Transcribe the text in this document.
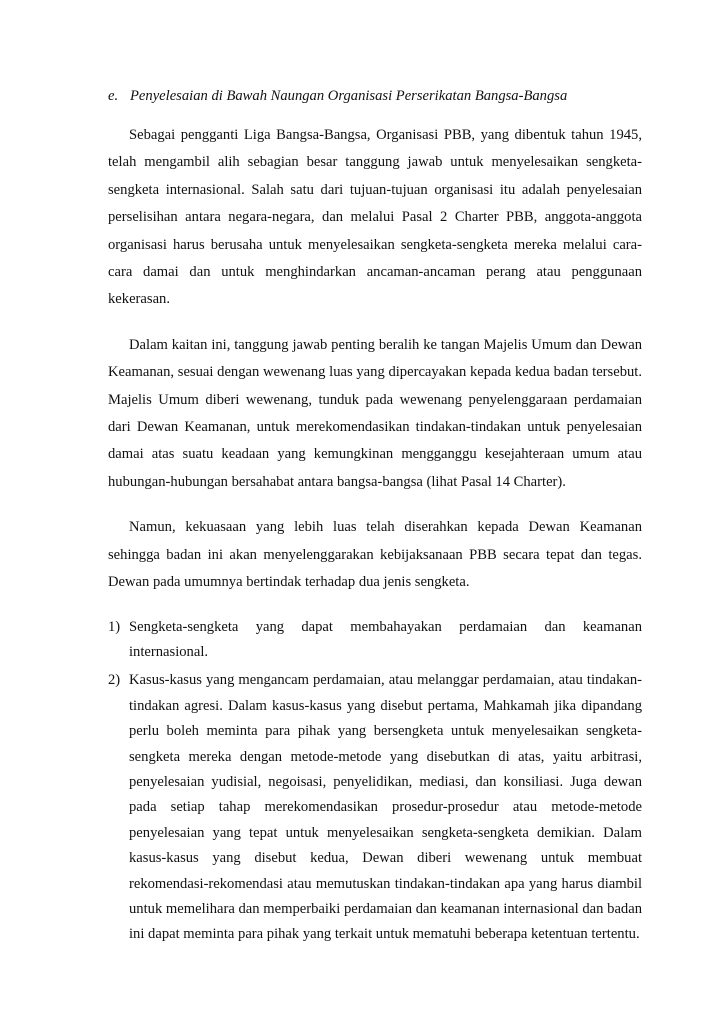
e. Penyelesaian di Bawah Naungan Organisasi Perserikatan Bangsa-Bangsa

Sebagai pengganti Liga Bangsa-Bangsa, Organisasi PBB, yang dibentuk tahun 1945, telah mengambil alih sebagian besar tanggung jawab untuk menyelesaikan sengketa-sengketa internasional. Salah satu dari tujuan-tujuan organisasi itu adalah penyelesaian perselisihan antara negara-negara, dan melalui Pasal 2 Charter PBB, anggota-anggota organisasi harus berusaha untuk menyelesaikan sengketa-sengketa mereka melalui cara-cara damai dan untuk menghindarkan ancaman-ancaman perang atau penggunaan kekerasan.

Dalam kaitan ini, tanggung jawab penting beralih ke tangan Majelis Umum dan Dewan Keamanan, sesuai dengan wewenang luas yang dipercayakan kepada kedua badan tersebut. Majelis Umum diberi wewenang, tunduk pada wewenang penyelenggaraan perdamaian dari Dewan Keamanan, untuk merekomendasikan tindakan-tindakan untuk penyelesaian damai atas suatu keadaan yang kemungkinan mengganggu kesejahteraan umum atau hubungan-hubungan bersahabat antara bangsa-bangsa (lihat Pasal 14 Charter).

Namun, kekuasaan yang lebih luas telah diserahkan kepada Dewan Keamanan sehingga badan ini akan menyelenggarakan kebijaksanaan PBB secara tepat dan tegas. Dewan pada umumnya bertindak terhadap dua jenis sengketa.

1) Sengketa-sengketa yang dapat membahayakan perdamaian dan keamanan internasional.
2) Kasus-kasus yang mengancam perdamaian, atau melanggar perdamaian, atau tindakan-tindakan agresi. Dalam kasus-kasus yang disebut pertama, Mahkamah jika dipandang perlu boleh meminta para pihak yang bersengketa untuk menyelesaikan sengketa-sengketa mereka dengan metode-metode yang disebutkan di atas, yaitu arbitrasi, penyelesaian yudisial, negoisasi, penyelidikan, mediasi, dan konsiliasi. Juga dewan pada setiap tahap merekomendasikan prosedur-prosedur atau metode-metode penyelesaian yang tepat untuk menyelesaikan sengketa-sengketa demikian. Dalam kasus-kasus yang disebut kedua, Dewan diberi wewenang untuk membuat rekomendasi-rekomendasi atau memutuskan tindakan-tindakan apa yang harus diambil untuk memelihara dan memperbaiki perdamaian dan keamanan internasional dan badan ini dapat meminta para pihak yang terkait untuk mematuhi beberapa ketentuan tertentu.
